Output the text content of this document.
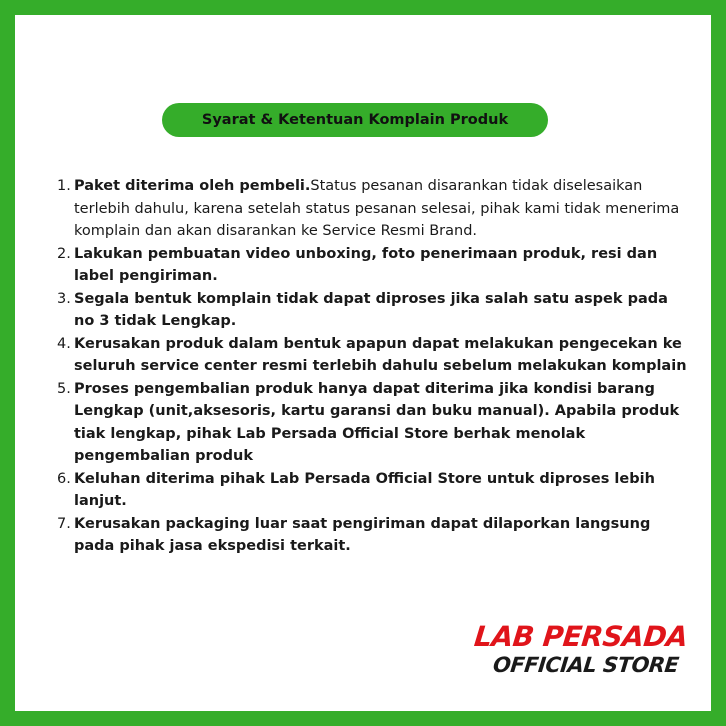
Syarat & Ketentuan Komplain Produk
1. Paket diterima oleh pembeli.Status pesanan disarankan tidak diselesaikan terlebih dahulu, karena setelah status pesanan selesai, pihak kami tidak menerima komplain dan akan disarankan ke Service Resmi Brand.
2. Lakukan pembuatan video unboxing, foto penerimaan produk, resi dan label pengiriman.
3. Segala bentuk komplain tidak dapat diproses jika salah satu aspek pada no 3 tidak Lengkap.
4. Kerusakan produk dalam bentuk apapun dapat melakukan pengecekan ke seluruh service center resmi terlebih dahulu sebelum melakukan komplain
5. Proses pengembalian produk hanya dapat diterima jika kondisi barang Lengkap (unit,aksesoris, kartu garansi dan buku manual). Apabila produk tiak lengkap, pihak Lab Persada Official Store berhak menolak pengembalian produk
6. Keluhan diterima pihak Lab Persada Official Store untuk diproses lebih lanjut.
7. Kerusakan packaging luar saat pengiriman dapat dilaporkan langsung pada pihak jasa ekspedisi terkait.
LAB PERSADA
OFFICIAL STORE
